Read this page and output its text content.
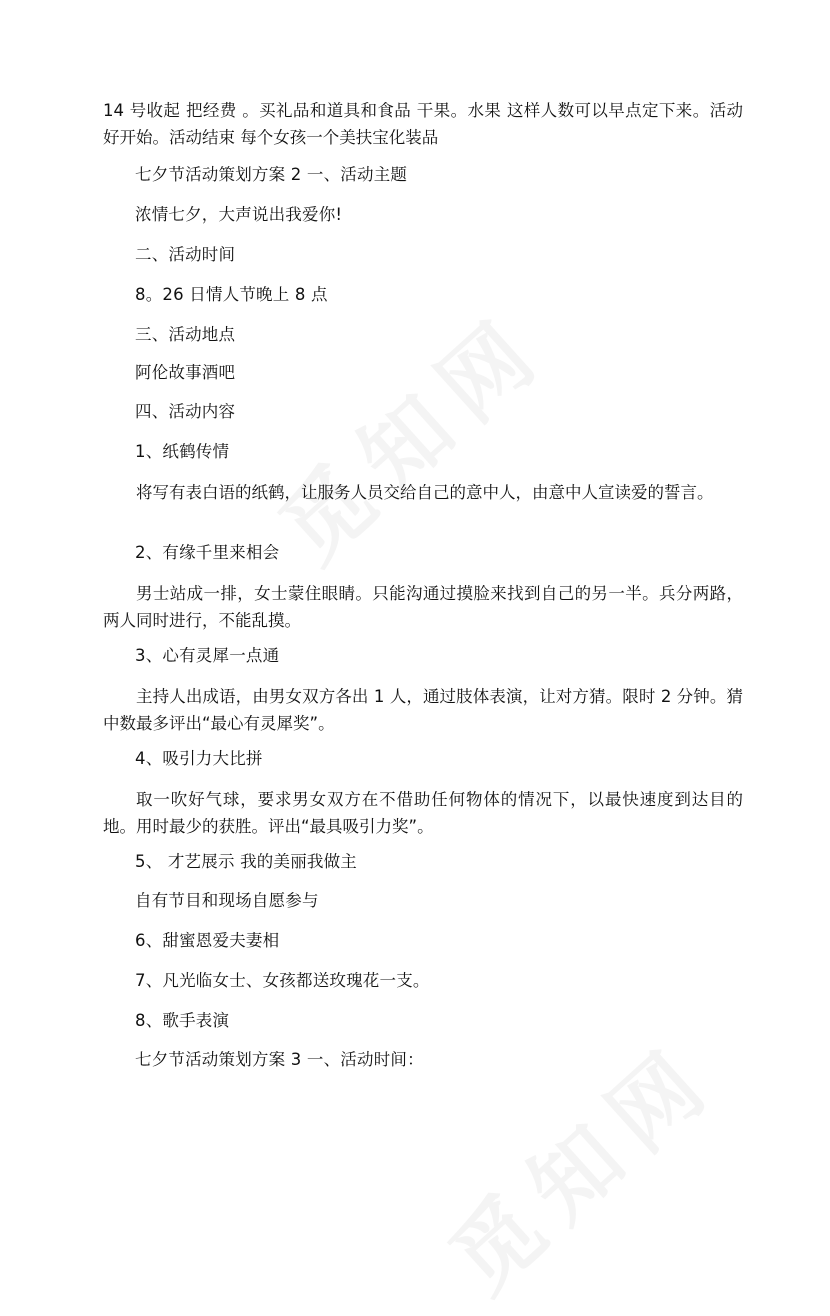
14 号收起 把经费 。买礼品和道具和食品 干果。水果 这样人数可以早点定下来。活动好开始。活动结束 每个女孩一个美扶宝化装品
七夕节活动策划方案 2 一、活动主题
浓情七夕，大声说出我爱你!
二、活动时间
8。26 日情人节晚上 8 点
三、活动地点
阿伦故事酒吧
四、活动内容
1、纸鹤传情
将写有表白语的纸鹤，让服务人员交给自己的意中人，由意中人宣读爱的誓言。
2、有缘千里来相会
男士站成一排，女士蒙住眼睛。只能沟通过摸脸来找到自己的另一半。兵分两路，两人同时进行，不能乱摸。
3、心有灵犀一点通
主持人出成语，由男女双方各出 1 人，通过肢体表演，让对方猜。限时 2 分钟。猜中数最多评出“最心有灵犀奖”。
4、吸引力大比拼
取一吹好气球，要求男女双方在不借助任何物体的情况下，以最快速度到达目的地。用时最少的获胜。评出“最具吸引力奖”。
5、 才艺展示 我的美丽我做主
自有节目和现场自愿参与
6、甜蜜恩爱夫妻相
7、凡光临女士、女孩都送玫瑰花一支。
8、歌手表演
七夕节活动策划方案 3 一、活动时间：
